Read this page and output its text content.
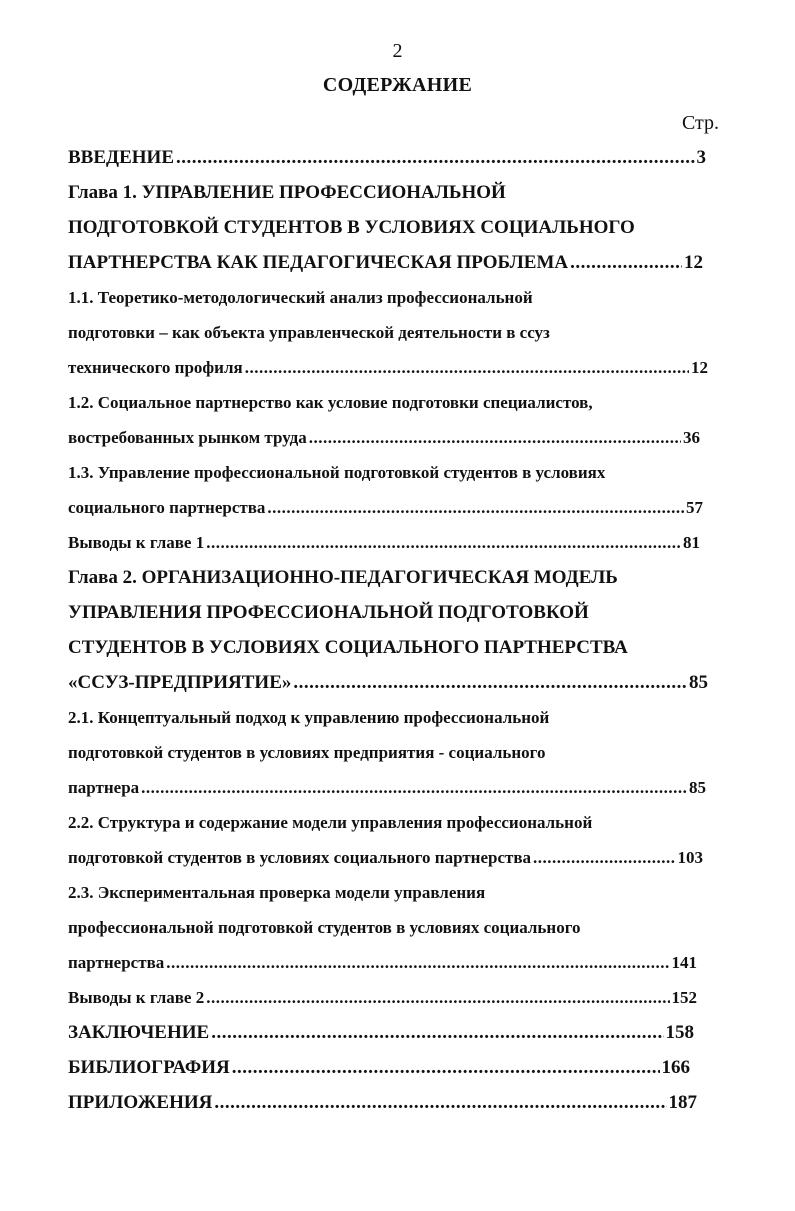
2
СОДЕРЖАНИЕ
Стр.
ВВЕДЕНИЕ .....	3
Глава 1. УПРАВЛЕНИЕ ПРОФЕССИОНАЛЬНОЙ
ПОДГОТОВКОЙ СТУДЕНТОВ В УСЛОВИЯХ СОЦИАЛЬНОГО
ПАРТНЕРСТВА КАК ПЕДАГОГИЧЕСКАЯ ПРОБЛЕМА .....	12
1.1. Теоретико-методологический анализ профессиональной
подготовки – как объекта управленческой деятельности в ссуз
технического профиля .....	12
1.2. Социальное партнерство как условие подготовки специалистов,
востребованных рынком труда .....	36
1.3. Управление профессиональной подготовкой студентов в условиях
социального партнерства .....	57
Выводы к главе 1 .....	81
Глава 2. ОРГАНИЗАЦИОННО-ПЕДАГОГИЧЕСКАЯ МОДЕЛЬ
УПРАВЛЕНИЯ ПРОФЕССИОНАЛЬНОЙ ПОДГОТОВКОЙ
СТУДЕНТОВ В УСЛОВИЯХ СОЦИАЛЬНОГО ПАРТНЕРСТВА
«ССУЗ-ПРЕДПРИЯТИЕ» .....	85
2.1. Концептуальный подход к управлению профессиональной
подготовкой студентов в условиях предприятия - социального
партнера .....	85
2.2. Структура и содержание модели управления профессиональной
подготовкой студентов в условиях социального партнерства .....	103
2.3. Экспериментальная проверка модели управления
профессиональной подготовкой студентов в условиях социального
партнерства .....	141
Выводы к главе 2 .....	152
ЗАКЛЮЧЕНИЕ .....	158
БИБЛИОГРАФИЯ .....	166
ПРИЛОЖЕНИЯ .....	187
